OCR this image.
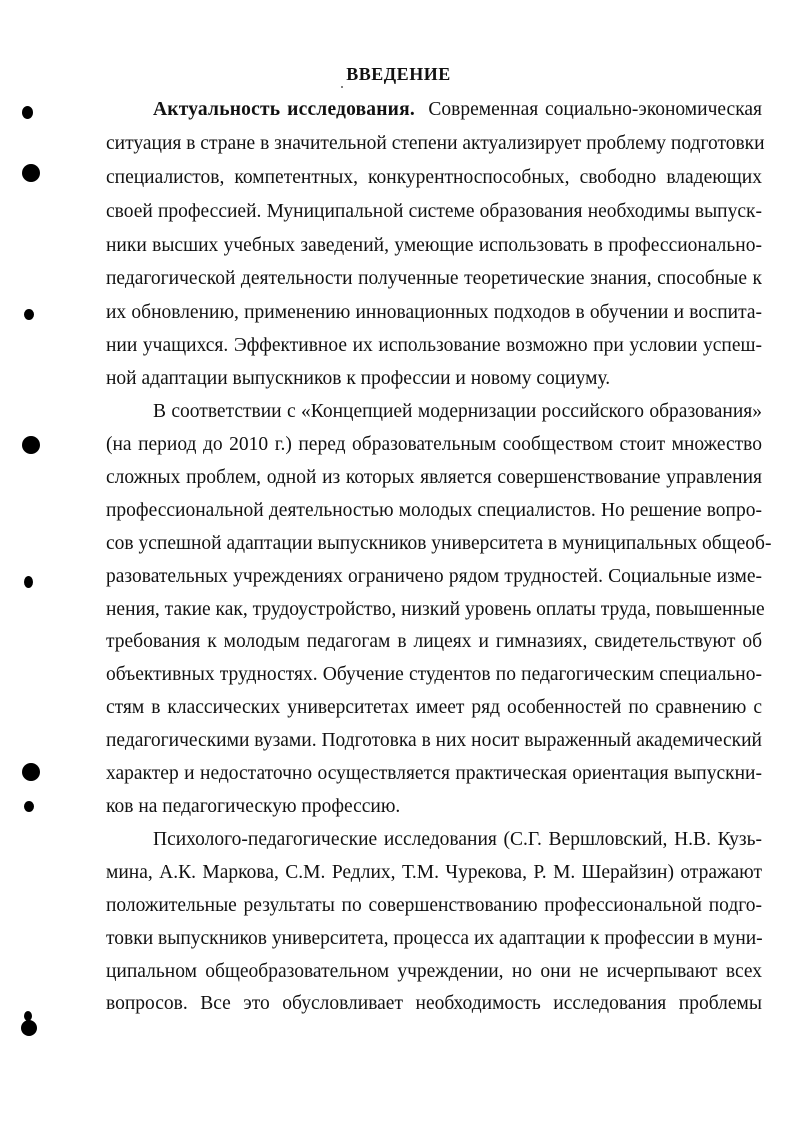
ВВЕДЕНИЕ
Актуальность исследования. Современная социально-экономическая
ситуация в стране в значительной степени актуализирует проблему подготовки
специалистов, компетентных, конкурентноспособных, свободно владеющих
своей профессией. Муниципальной системе образования необходимы выпуск-
ники высших учебных заведений, умеющие использовать в профессионально-
педагогической деятельности полученные теоретические знания, способные к
их обновлению, применению инновационных подходов в обучении и воспита-
нии учащихся. Эффективное их использование возможно при условии успеш-
ной адаптации выпускников к профессии и новому социуму.
В соответствии с «Концепцией модернизации российского образования»
(на период до 2010 г.) перед образовательным сообществом стоит множество
сложных проблем, одной из которых является совершенствование управления
профессиональной деятельностью молодых специалистов. Но решение вопро-
сов успешной адаптации выпускников университета в муниципальных общеоб-
разовательных учреждениях ограничено рядом трудностей. Социальные изме-
нения, такие как, трудоустройство, низкий уровень оплаты труда, повышенные
требования к молодым педагогам в лицеях и гимназиях, свидетельствуют об
объективных трудностях. Обучение студентов по педагогическим специально-
стям в классических университетах имеет ряд особенностей по сравнению с
педагогическими вузами. Подготовка в них носит выраженный академический
характер и недостаточно осуществляется практическая ориентация выпускни-
ков на педагогическую профессию.
Психолого-педагогические исследования (С.Г. Вершловский, Н.В. Кузь-
мина, А.К. Маркова, С.М. Редлих, Т.М. Чурекова, Р. М. Шерайзин) отражают
положительные результаты по совершенствованию профессиональной подго-
товки выпускников университета, процесса их адаптации к профессии в муни-
ципальном общеобразовательном учреждении, но они не исчерпывают всех
вопросов. Все это обусловливает необходимость исследования проблемы
